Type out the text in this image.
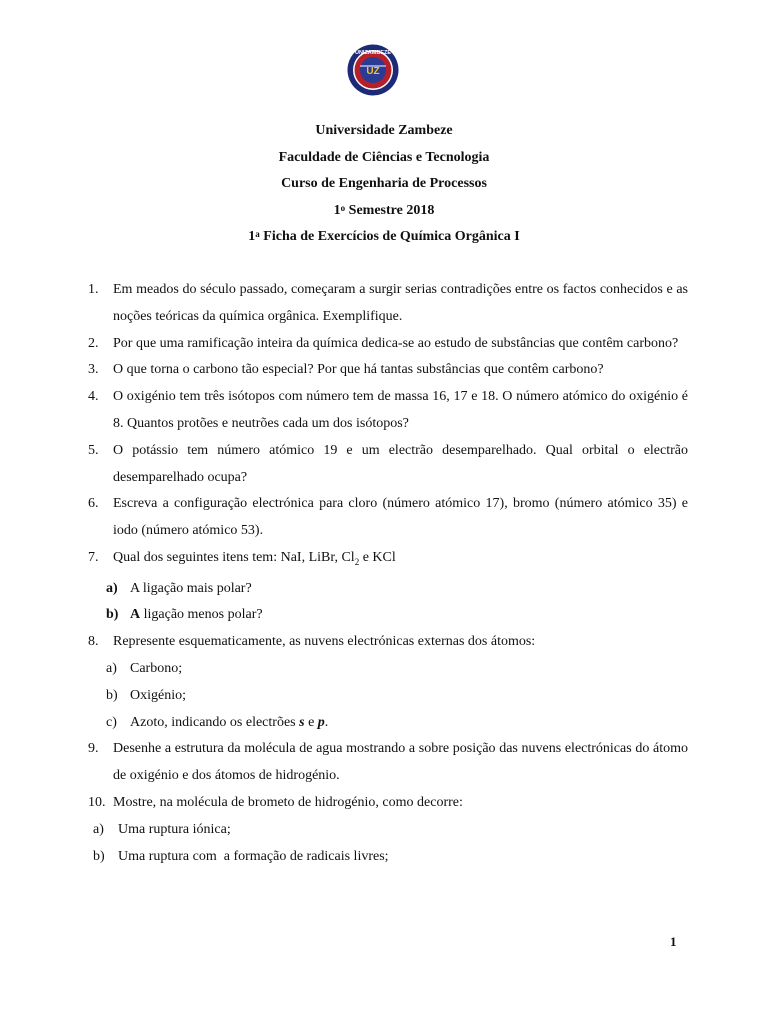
UZ
UNIZAMBEZE
Universidade Zambeze
Faculdade de Ciências e Tecnologia
Curso de Engenharia de Processos
1$^o$ Semestre 2018
1$^a$ Ficha de Exercícios de Química Orgânica I
1. Em meados do século passado, começaram a surgir serias contradições entre os factos conhecidos e as noções teóricas da química orgânica. Exemplifique.
2. Por que uma ramificação inteira da química dedica-se ao estudo de substâncias que contêm carbono?
3. O que torna o carbono tão especial? Por que há tantas substâncias que contêm carbono?
4. O oxigénio tem três isótopos com número tem de massa 16, 17 e 18. O número atómico do oxigénio é 8. Quantos protões e neutrões cada um dos isótopos?
5. O potássio tem número atómico 19 e um electrão desemparelhado. Qual orbital o electrão desemparelhado ocupa?
6. Escreva a configuração electrónica para cloro (número atómico 17), bromo (número atómico 35) e iodo (número atómico 53).
7. Qual dos seguintes itens tem: NaI, LiBr, $Cl_2$ e KCl
a) A ligação mais polar?
b) A ligação menos polar?
8. Represente esquematicamente, as nuvens electrónicas externas dos átomos:
a) Carbono;
b) Oxigénio;
c) Azoto, indicando os electrões s e p.
9. Desenhe a estrutura da molécula de agua mostrando a sobre posição das nuvens electrónicas do átomo de oxigénio e dos átomos de hidrogénio.
10. Mostre, na molécula de brometo de hidrogénio, como decorre:
a) Uma ruptura iónica;
b) Uma ruptura com  a formação de radicais livres;
1
